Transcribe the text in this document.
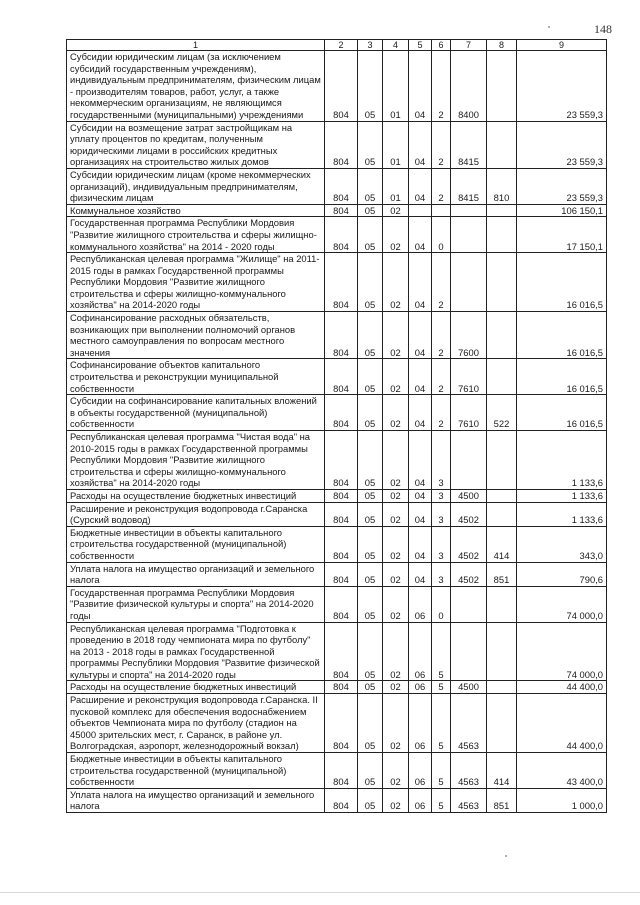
148
1	2	3	4	5	6	7	8	9
Субсидии юридическим лицам (за исключением субсидий государственным учреждениям), индивидуальным предпринимателям, физическим лицам - производителям товаров, работ, услуг, а также некоммерческим организациям, не являющимся государственными (муниципальными) учреждениями	804	05	01	04	2	8400		23 559,3
Субсидии на возмещение затрат застройщикам на уплату процентов по кредитам, полученным юридическими лицами в российских кредитных организациях на строительство жилых домов	804	05	01	04	2	8415		23 559,3
Субсидии юридическим лицам (кроме некоммерческих организаций), индивидуальным предпринимателям, физическим лицам	804	05	01	04	2	8415	810	23 559,3
Коммунальное хозяйство	804	05	02					106 150,1
Государственная программа Республики Мордовия "Развитие жилищного строительства и сферы жилищно-коммунального хозяйства" на 2014 - 2020 годы	804	05	02	04	0			17 150,1
Республиканская целевая программа "Жилище" на 2011-2015 годы в рамках Государственной программы Республики Мордовия "Развитие жилищного строительства и сферы жилищно-коммунального хозяйства" на 2014-2020 годы	804	05	02	04	2			16 016,5
Софинансирование расходных обязательств, возникающих при выполнении полномочий органов местного самоуправления по вопросам местного значения	804	05	02	04	2	7600		16 016,5
Софинансирование объектов капитального строительства и реконструкции муниципальной собственности	804	05	02	04	2	7610		16 016,5
Субсидии на софинансирование капитальных вложений в объекты государственной (муниципальной) собственности	804	05	02	04	2	7610	522	16 016,5
Республиканская целевая программа "Чистая вода" на 2010-2015 годы в рамках Государственной программы Республики Мордовия "Развитие жилищного строительства и сферы жилищно-коммунального хозяйства" на 2014-2020 годы	804	05	02	04	3			1 133,6
Расходы на осуществление бюджетных инвестиций	804	05	02	04	3	4500		1 133,6
Расширение и реконструкция водопровода г.Саранска (Сурский водовод)	804	05	02	04	3	4502		1 133,6
Бюджетные инвестиции в объекты капитального строительства государственной (муниципальной) собственности	804	05	02	04	3	4502	414	343,0
Уплата налога на имущество организаций и земельного налога	804	05	02	04	3	4502	851	790,6
Государственная программа Республики Мордовия "Развитие физической культуры и спорта" на 2014-2020 годы	804	05	02	06	0			74 000,0
Республиканская целевая программа "Подготовка к проведению в 2018 году чемпионата мира по футболу" на 2013 - 2018 годы в рамках Государственной программы Республики Мордовия "Развитие физической культуры и спорта" на 2014-2020 годы	804	05	02	06	5			74 000,0
Расходы на осуществление бюджетных инвестиций	804	05	02	06	5	4500		44 400,0
Расширение и реконструкция водопровода г.Саранска. II пусковой комплекс для обеспечения водоснабжением объектов Чемпионата мира по футболу (стадион на 45000 зрительских мест, г. Саранск, в районе ул. Волгоградская, аэропорт, железнодорожный вокзал)	804	05	02	06	5	4563		44 400,0
Бюджетные инвестиции в объекты капитального строительства государственной (муниципальной) собственности	804	05	02	06	5	4563	414	43 400,0
Уплата налога на имущество организаций и земельного налога	804	05	02	06	5	4563	851	1 000,0
